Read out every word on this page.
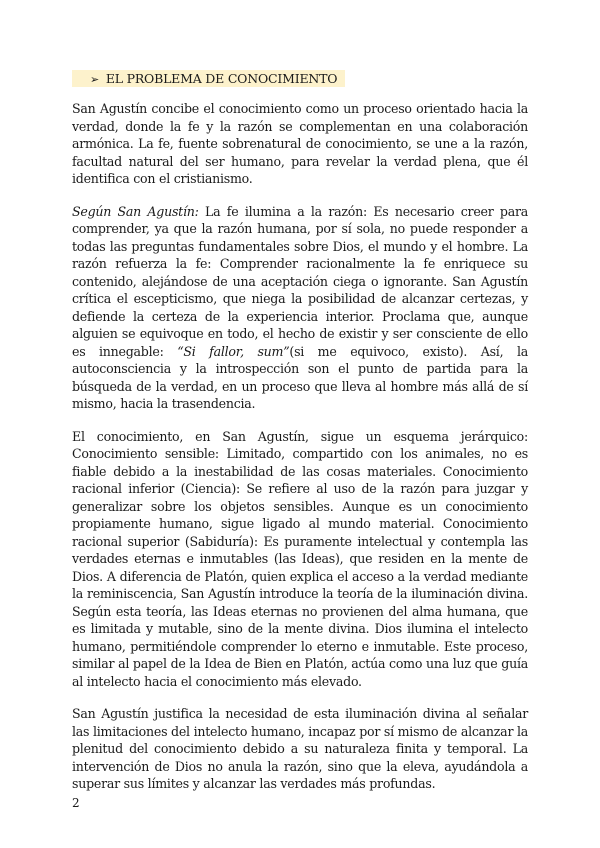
➢ EL PROBLEMA DE CONOCIMIENTO

San Agustín concibe el conocimiento como un proceso orientado hacia la verdad, donde la fe y la razón se complementan en una colaboración armónica. La fe, fuente sobrenatural de conocimiento, se une a la razón, facultad natural del ser humano, para revelar la verdad plena, que él identifica con el cristianismo.

Según San Agustín: La fe ilumina a la razón: Es necesario creer para comprender, ya que la razón humana, por sí sola, no puede responder a todas las preguntas fundamentales sobre Dios, el mundo y el hombre. La razón refuerza la fe: Comprender racionalmente la fe enriquece su contenido, alejándose de una aceptación ciega o ignorante. San Agustín crítica el escepticismo, que niega la posibilidad de alcanzar certezas, y defiende la certeza de la experiencia interior. Proclama que, aunque alguien se equivoque en todo, el hecho de existir y ser consciente de ello es innegable: “Si fallor, sum”(si me equivoco, existo). Así, la autoconsciencia y la introspección son el punto de partida para la búsqueda de la verdad, en un proceso que lleva al hombre más allá de sí mismo, hacia la trasendencia.

El conocimiento, en San Agustín, sigue un esquema jerárquico: Conocimiento sensible: Limitado, compartido con los animales, no es fiable debido a la inestabilidad de las cosas materiales. Conocimiento racional inferior (Ciencia): Se refiere al uso de la razón para juzgar y generalizar sobre los objetos sensibles. Aunque es un conocimiento propiamente humano, sigue ligado al mundo material. Conocimiento racional superior (Sabiduría): Es puramente intelectual y contempla las verdades eternas e inmutables (las Ideas), que residen en la mente de Dios. A diferencia de Platón, quien explica el acceso a la verdad mediante la reminiscencia, San Agustín introduce la teoría de la iluminación divina. Según esta teoría, las Ideas eternas no provienen del alma humana, que es limitada y mutable, sino de la mente divina. Dios ilumina el intelecto humano, permitiéndole comprender lo eterno e inmutable. Este proceso, similar al papel de la Idea de Bien en Platón, actúa como una luz que guía al intelecto hacia el conocimiento más elevado.

San Agustín justifica la necesidad de esta iluminación divina al señalar las limitaciones del intelecto humano, incapaz por sí mismo de alcanzar la plenitud del conocimiento debido a su naturaleza finita y temporal. La intervención de Dios no anula la razón, sino que la eleva, ayudándola a superar sus límites y alcanzar las verdades más profundas.

2
